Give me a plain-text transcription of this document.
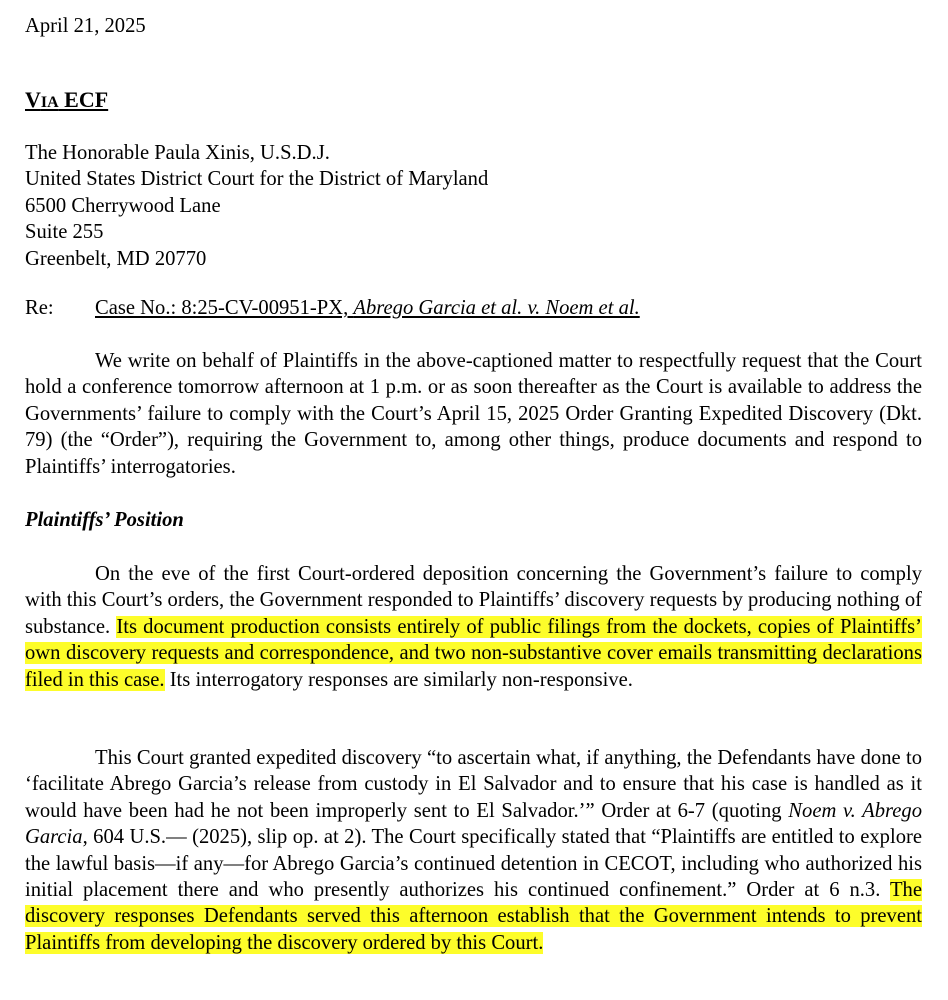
April 21, 2025
VIA ECF
The Honorable Paula Xinis, U.S.D.J.
United States District Court for the District of Maryland
6500 Cherrywood Lane
Suite 255
Greenbelt, MD 20770
Re: Case No.: 8:25-CV-00951-PX, Abrego Garcia et al. v. Noem et al.
We write on behalf of Plaintiffs in the above-captioned matter to respectfully request that the Court hold a conference tomorrow afternoon at 1 p.m. or as soon thereafter as the Court is available to address the Governments’ failure to comply with the Court’s April 15, 2025 Order Granting Expedited Discovery (Dkt. 79) (the “Order”), requiring the Government to, among other things, produce documents and respond to Plaintiffs’ interrogatories.
Plaintiffs’ Position
On the eve of the first Court-ordered deposition concerning the Government’s failure to comply with this Court’s orders, the Government responded to Plaintiffs’ discovery requests by producing nothing of substance. Its document production consists entirely of public filings from the dockets, copies of Plaintiffs’ own discovery requests and correspondence, and two non-substantive cover emails transmitting declarations filed in this case. Its interrogatory responses are similarly non-responsive.
This Court granted expedited discovery “to ascertain what, if anything, the Defendants have done to ‘facilitate Abrego Garcia’s release from custody in El Salvador and to ensure that his case is handled as it would have been had he not been improperly sent to El Salvador.’” Order at 6-7 (quoting Noem v. Abrego Garcia, 604 U.S.— (2025), slip op. at 2). The Court specifically stated that “Plaintiffs are entitled to explore the lawful basis—if any—for Abrego Garcia’s continued detention in CECOT, including who authorized his initial placement there and who presently authorizes his continued confinement.” Order at 6 n.3. The discovery responses Defendants served this afternoon establish that the Government intends to prevent Plaintiffs from developing the discovery ordered by this Court.
